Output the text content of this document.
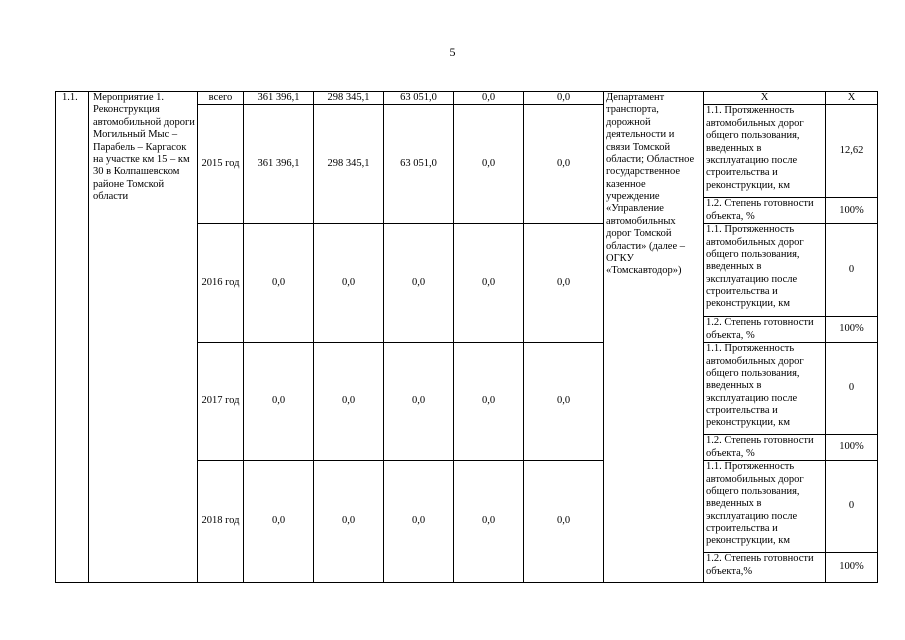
5
1.1.	Мероприятие 1. Реконструкция автомобильной дороги Могильный Мыс – Парабель – Каргасок на участке км 15 – км 30 в Колпашевском районе Томской области	всего	361 396,1	298 345,1	63 051,0	0,0	0,0	Департамент транспорта, дорожной деятельности и связи Томской области; Областное государственное казенное учреждение «Управление автомобильных дорог Томской области» (далее – ОГКУ «Томскавтодор»)	Х	Х
		2015 год	361 396,1	298 345,1	63 051,0	0,0	0,0		1.1. Протяженность автомобильных дорог общего пользования, введенных в эксплуатацию после строительства и реконструкции, км	12,62
									1.2. Степень готовности объекта, %	100%
		2016 год	0,0	0,0	0,0	0,0	0,0		1.1. Протяженность автомобильных дорог общего пользования, введенных в эксплуатацию после строительства и реконструкции, км	0
									1.2. Степень готовности объекта, %	100%
		2017 год	0,0	0,0	0,0	0,0	0,0		1.1. Протяженность автомобильных дорог общего пользования, введенных в эксплуатацию после строительства и реконструкции, км	0
									1.2. Степень готовности объекта, %	100%
		2018 год	0,0	0,0	0,0	0,0	0,0		1.1. Протяженность автомобильных дорог общего пользования, введенных в эксплуатацию после строительства и реконструкции, км	0
									1.2. Степень готовности объекта,%	100%
